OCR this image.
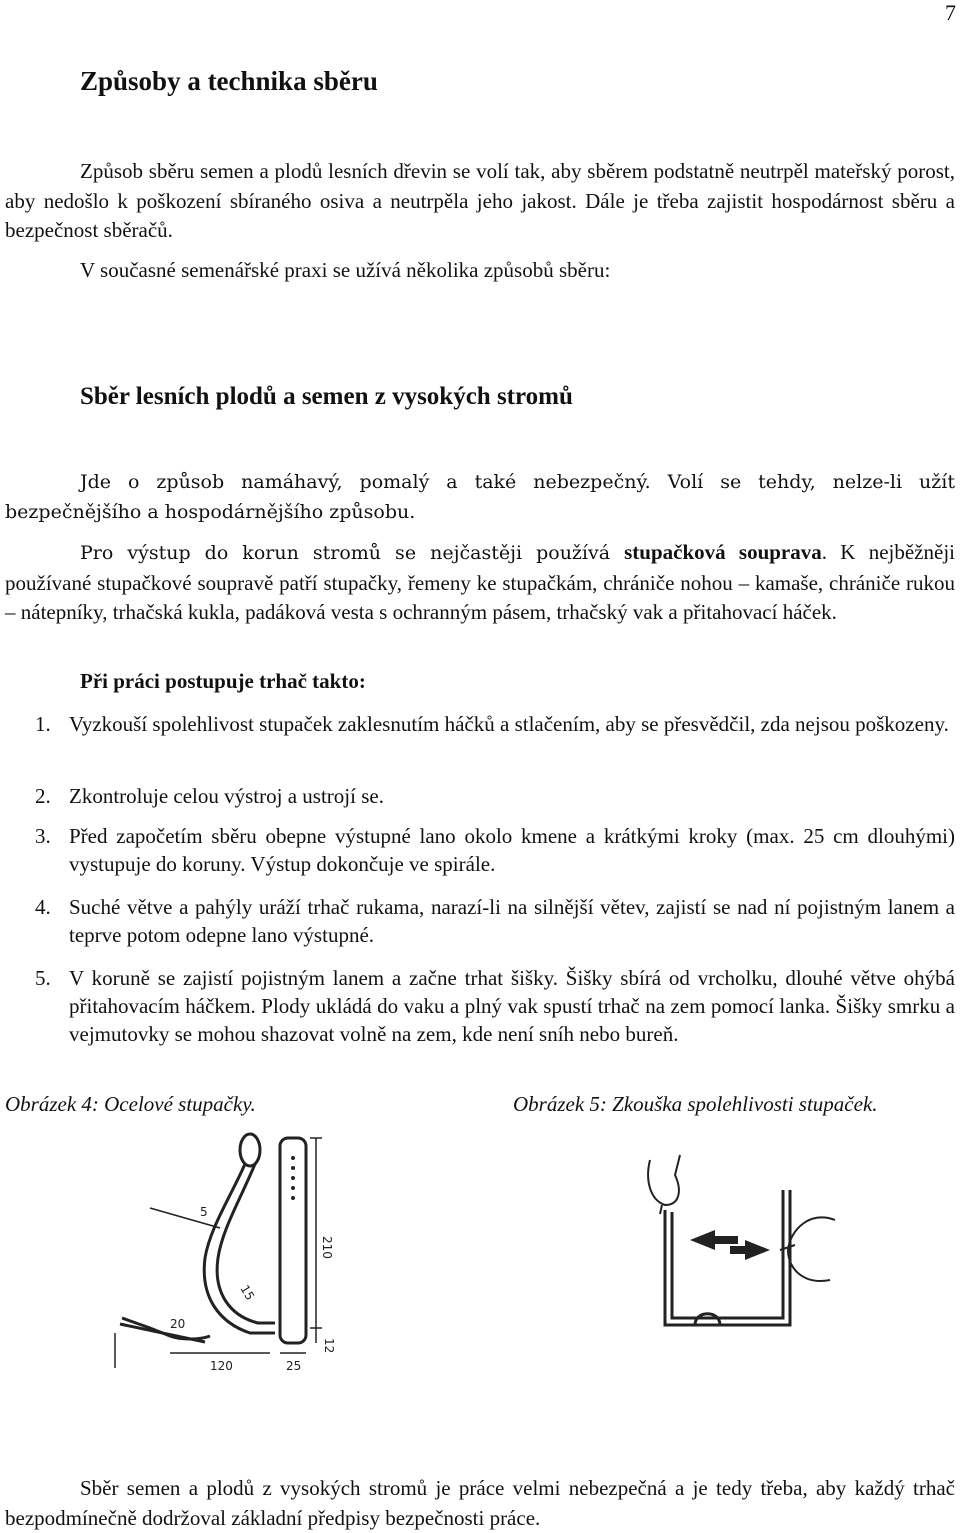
7
Způsoby a technika sběru

Způsob sběru semen a plodů lesních dřevin se volí tak, aby sběrem podstatně neutrpěl mateřský porost, aby nedošlo k poškození sbíraného osiva a neutrpěla jeho jakost. Dále je třeba zajistit hospodárnost sběru a bezpečnost sběračů.

V současné semenářské praxi se užívá několika způsobů sběru:

Sběr lesních plodů a semen z vysokých stromů

Jde o způsob namáhavý, pomalý a také nebezpečný. Volí se tehdy, nelze-li užít bezpečnějšího a hospodárnějšího způsobu.

Pro výstup do korun stromů se nejčastěji používá stupačková souprava. K nejběžněji používané stupačkové soupravě patří stupačky, řemeny ke stupačkám, chrániče nohou – kamaše, chrániče rukou – nátepníky, trhačská kukla, padáková vesta s ochranným pásem, trhačský vak a přitahovací háček.

Při práci postupuje trhač takto:

1. Vyzkouší spolehlivost stupaček zaklesnutím háčků a stlačením, aby se přesvědčil, zda nejsou poškozeny.

2. Zkontroluje celou výstroj a ustrojí se.

3. Před započetím sběru obepne výstupné lano okolo kmene a krátkými kroky (max. 25 cm dlouhými) vystupuje do koruny. Výstup dokončuje ve spirále.

4. Suché větve a pahýly uráží trhač rukama, narazí-li na silnější větev, zajistí se nad ní pojistným lanem a teprve potom odepne lano výstupné.

5. V koruně se zajistí pojistným lanem a začne trhat šišky. Šišky sbírá od vrcholku, dlouhé větve ohýbá přitahovacím háčkem. Plody ukládá do vaku a plný vak spustí trhač na zem pomocí lanka. Šišky smrku a vejmutovky se mohou shazovat volně na zem, kde není sníh nebo bureň.

Obrázek 4: Ocelové stupačky.	Obrázek 5: Zkouška spolehlivosti stupaček.
210
120	25
12
5
15
20

Sběr semen a plodů z vysokých stromů je práce velmi nebezpečná a je tedy třeba, aby každý trhač bezpodmínečně dodržoval základní předpisy bezpečnosti práce.
